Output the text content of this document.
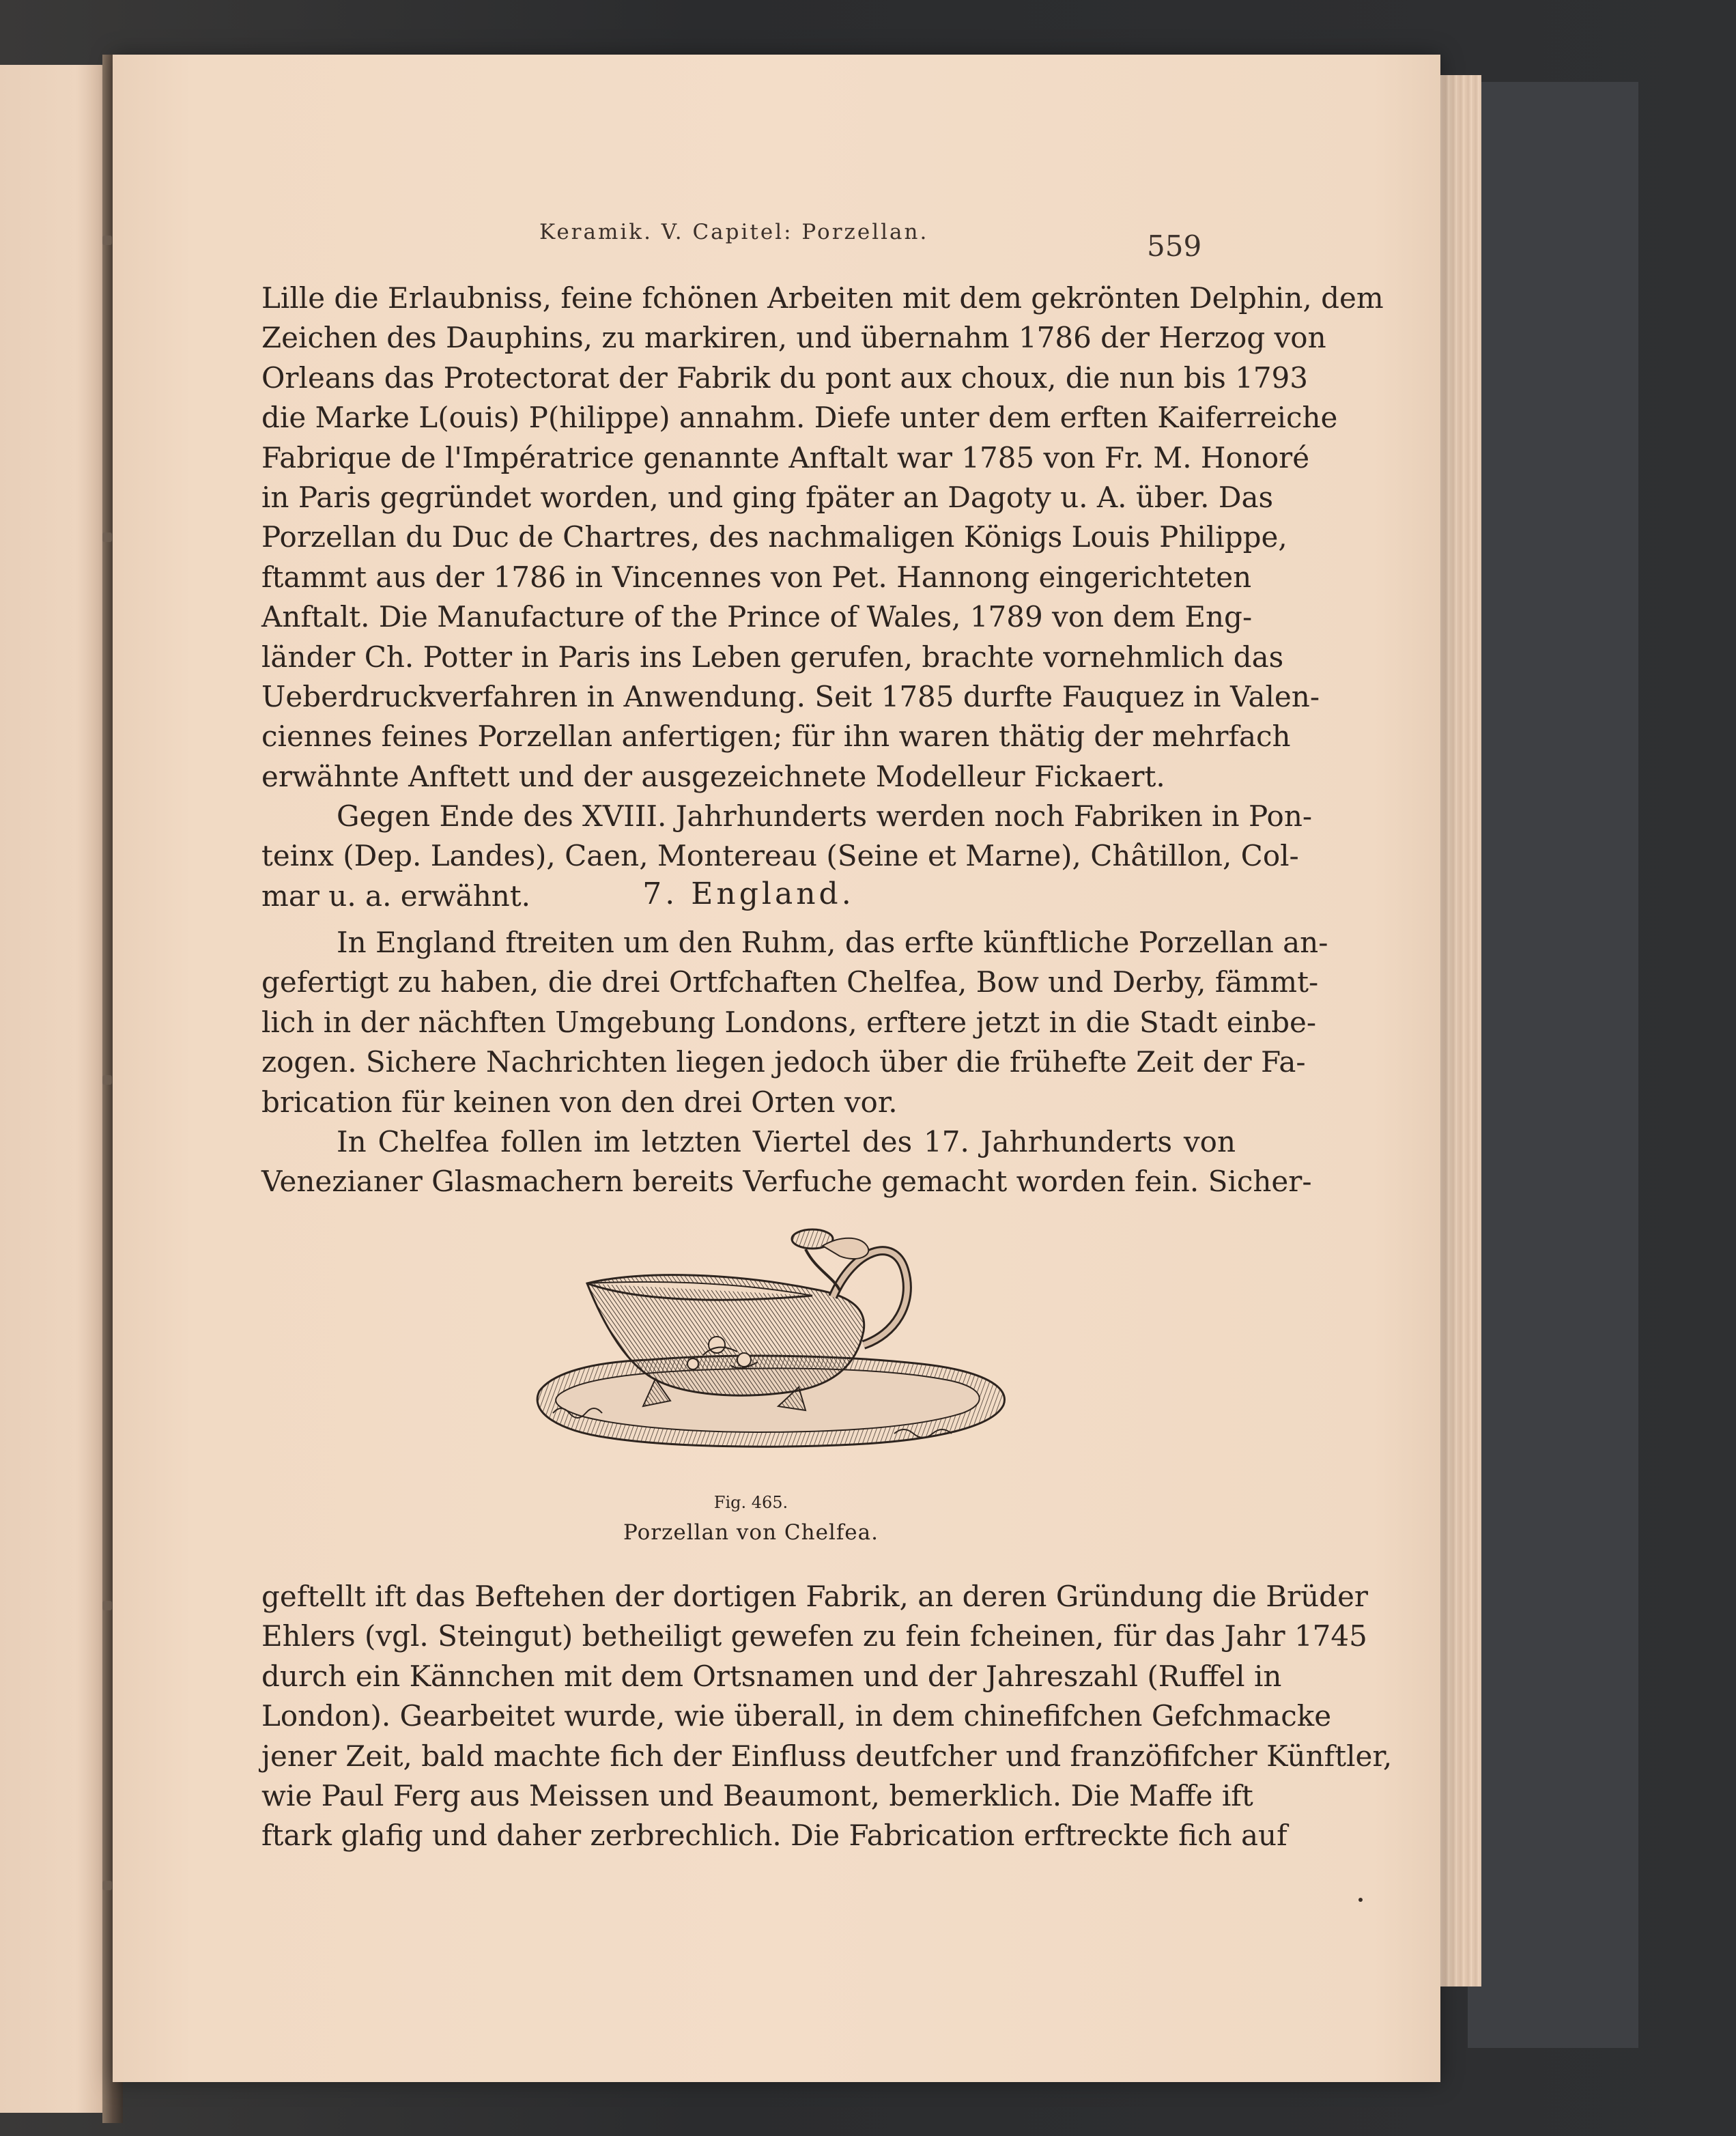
Keramik. V. Capitel: Porzellan.	559
Lille die Erlaubniss, feine fchönen Arbeiten mit dem gekrönten Delphin, dem
Zeichen des Dauphins, zu markiren, und übernahm 1786 der Herzog von
Orleans das Protectorat der Fabrik du pont aux choux, die nun bis 1793
die Marke L(ouis) P(hilippe) annahm. Diefe unter dem erften Kaiferreiche
Fabrique de l'Impératrice genannte Anftalt war 1785 von Fr. M. Honoré
in Paris gegründet worden, und ging fpäter an Dagoty u. A. über. Das
Porzellan du Duc de Chartres, des nachmaligen Königs Louis Philippe,
ftammt aus der 1786 in Vincennes von Pet. Hannong eingerichteten
Anftalt. Die Manufacture of the Prince of Wales, 1789 von dem Eng-
länder Ch. Potter in Paris ins Leben gerufen, brachte vornehmlich das
Ueberdruckverfahren in Anwendung. Seit 1785 durfte Fauquez in Valen-
ciennes feines Porzellan anfertigen; für ihn waren thätig der mehrfach
erwähnte Anftett und der ausgezeichnete Modelleur Fickaert.
Gegen Ende des XVIII. Jahrhunderts werden noch Fabriken in Pon-
teinx (Dep. Landes), Caen, Montereau (Seine et Marne), Châtillon, Col-
mar u. a. erwähnt.	7. England.
In England ftreiten um den Ruhm, das erfte künftliche Porzellan an-
gefertigt zu haben, die drei Ortfchaften Chelfea, Bow und Derby, fämmt-
lich in der nächften Umgebung Londons, erftere jetzt in die Stadt einbe-
zogen. Sichere Nachrichten liegen jedoch über die frühefte Zeit der Fa-
brication für keinen von den drei Orten vor.
In Chelfea follen im letzten Viertel des 17. Jahrhunderts von
Venezianer Glasmachern bereits Verfuche gemacht worden fein. Sicher-
Fig. 465.
Porzellan von Chelfea.
geftellt ift das Beftehen der dortigen Fabrik, an deren Gründung die Brüder
Ehlers (vgl. Steingut) betheiligt gewefen zu fein fcheinen, für das Jahr 1745
durch ein Kännchen mit dem Ortsnamen und der Jahreszahl (Ruffel in
London). Gearbeitet wurde, wie überall, in dem chinefifchen Gefchmacke
jener Zeit, bald machte fich der Einfluss deutfcher und franzöfifcher Künftler,
wie Paul Ferg aus Meissen und Beaumont, bemerklich. Die Maffe ift
ftark glafig und daher zerbrechlich. Die Fabrication erftreckte fich auf
